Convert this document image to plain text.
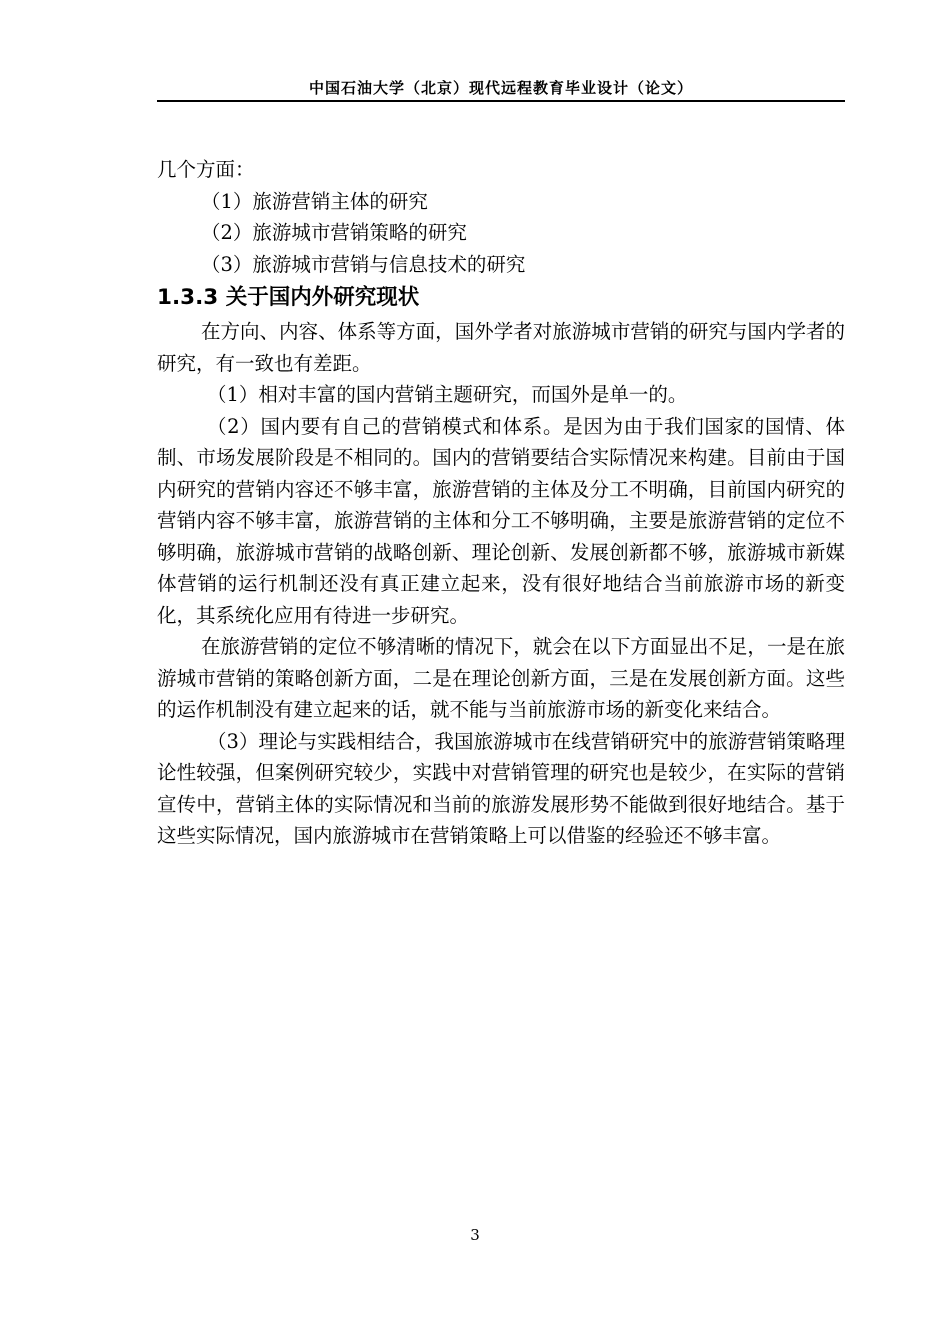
中国石油大学（北京）现代远程教育毕业设计（论文）

几个方面：

（1）旅游营销主体的研究

（2）旅游城市营销策略的研究

（3）旅游城市营销与信息技术的研究

1.3.3 关于国内外研究现状

在方向、内容、体系等方面，国外学者对旅游城市营销的研究与国内学者的研究，有一致也有差距。

（1）相对丰富的国内营销主题研究，而国外是单一的。

（2）国内要有自己的营销模式和体系。是因为由于我们国家的国情、体制、市场发展阶段是不相同的。国内的营销要结合实际情况来构建。目前由于国内研究的营销内容还不够丰富，旅游营销的主体及分工不明确，目前国内研究的营销内容不够丰富，旅游营销的主体和分工不够明确，主要是旅游营销的定位不够明确，旅游城市营销的战略创新、理论创新、发展创新都不够，旅游城市新媒体营销的运行机制还没有真正建立起来，没有很好地结合当前旅游市场的新变化，其系统化应用有待进一步研究。

在旅游营销的定位不够清晰的情况下，就会在以下方面显出不足，一是在旅游城市营销的策略创新方面，二是在理论创新方面，三是在发展创新方面。这些的运作机制没有建立起来的话，就不能与当前旅游市场的新变化来结合。

（3）理论与实践相结合，我国旅游城市在线营销研究中的旅游营销策略理论性较强，但案例研究较少，实践中对营销管理的研究也是较少，在实际的营销宣传中，营销主体的实际情况和当前的旅游发展形势不能做到很好地结合。基于这些实际情况，国内旅游城市在营销策略上可以借鉴的经验还不够丰富。

3
